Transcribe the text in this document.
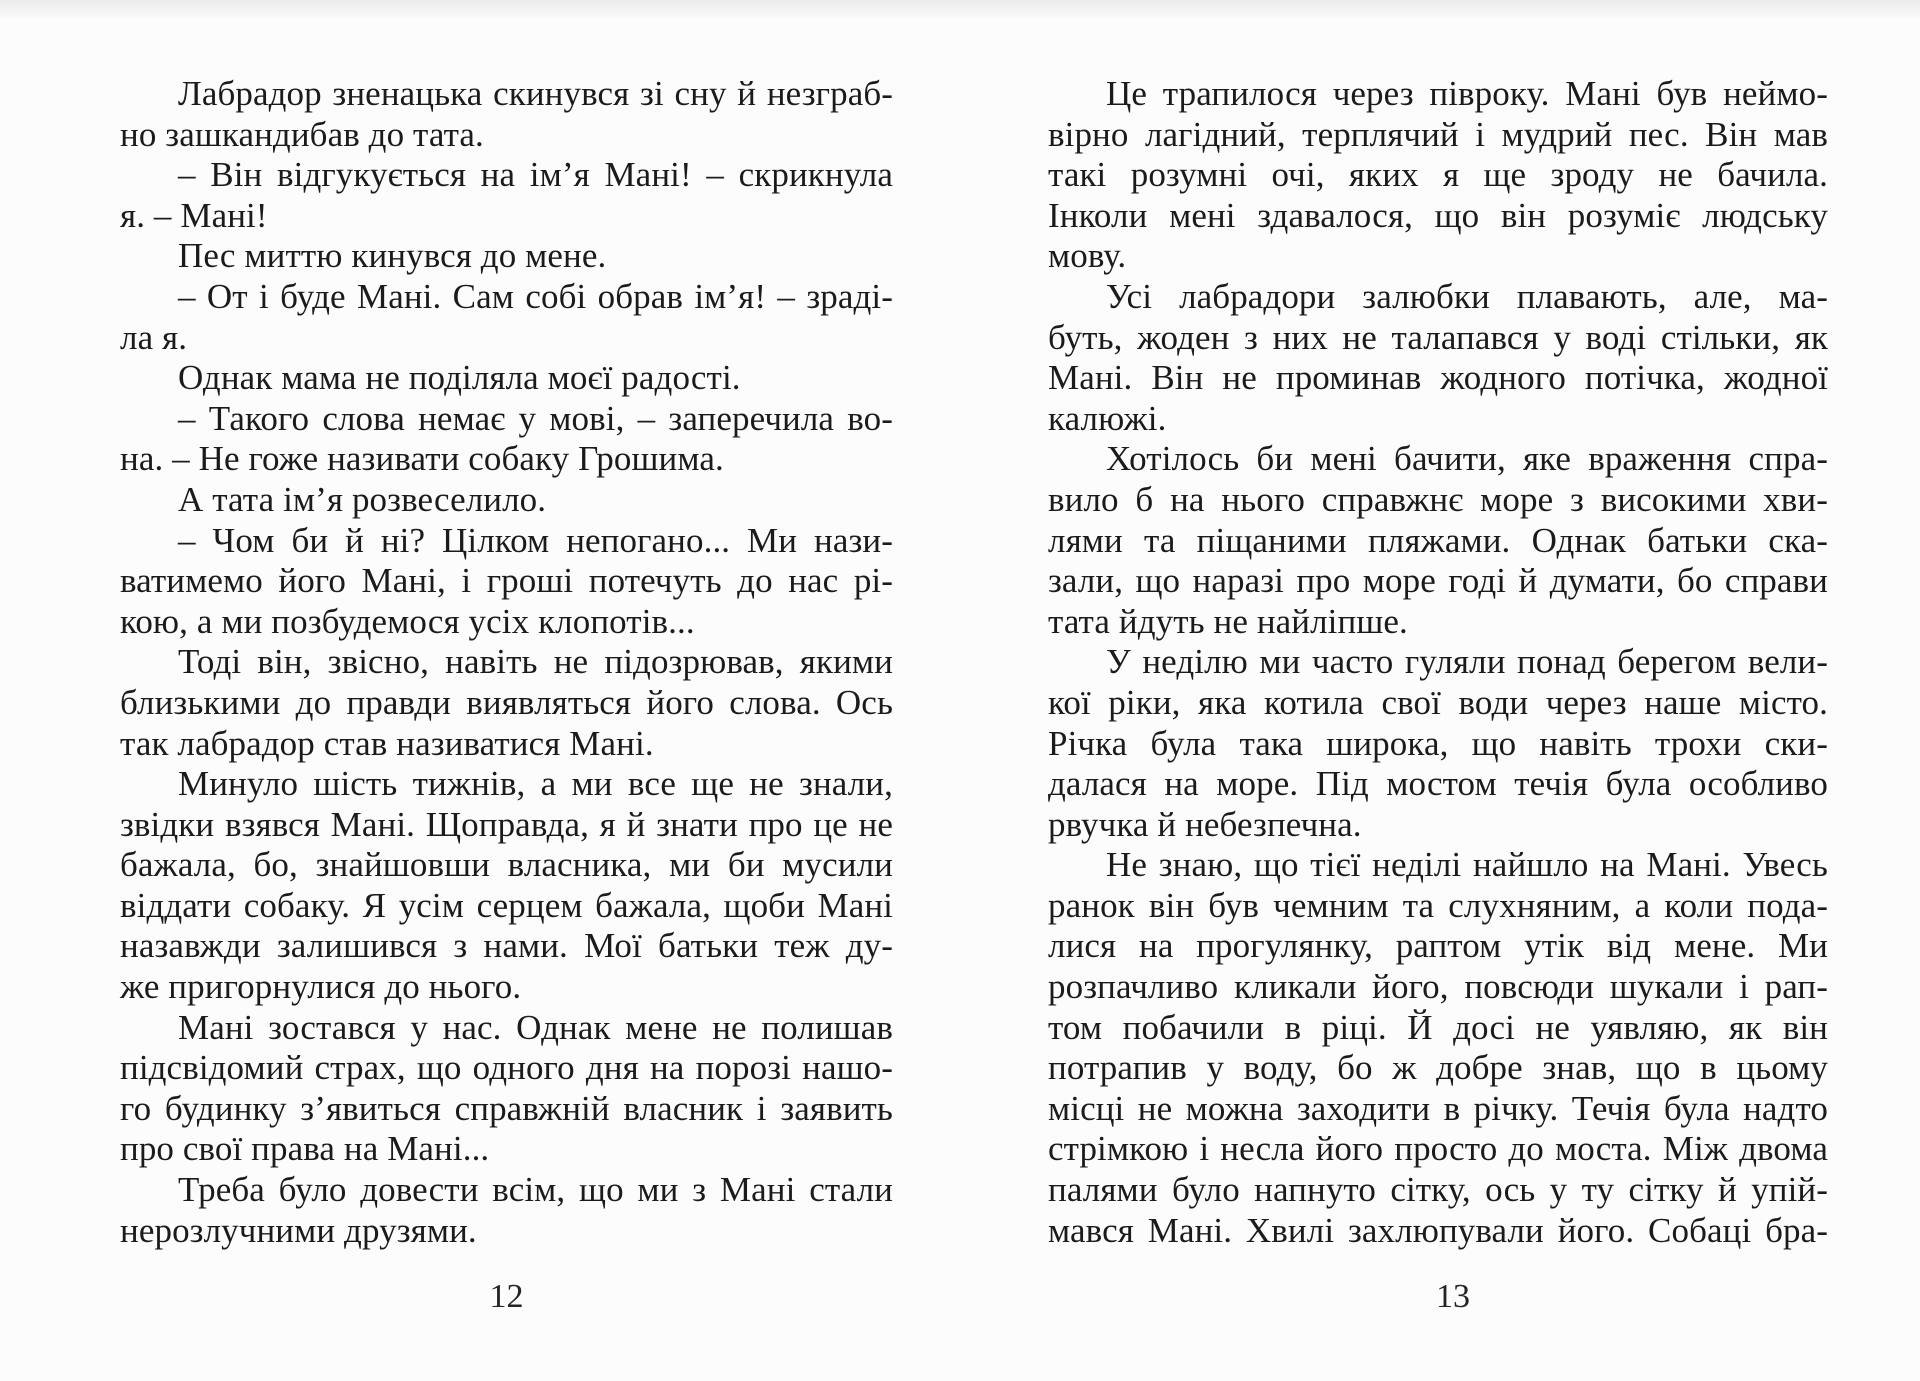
Лабрадор зненацька скинувся зі сну й незграб-
но зашкандибав до тата.
– Він відгукується на ім’я Мані! – скрикнула
я. – Мані!
Пес миттю кинувся до мене.
– От і буде Мані. Сам собі обрав ім’я! – зраді-
ла я.
Однак мама не поділяла моєї радості.
– Такого слова немає у мові, – заперечила во-
на. – Не гоже називати собаку Грошима.
А тата ім’я розвеселило.
– Чом би й ні? Цілком непогано... Ми нази-
ватимемо його Мані, і гроші потечуть до нас рі-
кою, а ми позбудемося усіх клопотів...
Тоді він, звісно, навіть не підозрював, якими
близькими до правди виявляться його слова. Ось
так лабрадор став називатися Мані.
Минуло шість тижнів, а ми все ще не знали,
звідки взявся Мані. Щоправда, я й знати про це не
бажала, бо, знайшовши власника, ми би мусили
віддати собаку. Я усім серцем бажала, щоби Мані
назавжди залишився з нами. Мої батьки теж ду-
же пригорнулися до нього.
Мані зостався у нас. Однак мене не полишав
підсвідомий страх, що одного дня на порозі нашо-
го будинку з’явиться справжній власник і заявить
про свої права на Мані...
Треба було довести всім, що ми з Мані стали
нерозлучними друзями.
12
Це трапилося через півроку. Мані був неймо-
вірно лагідний, терплячий і мудрий пес. Він мав
такі розумні очі, яких я ще зроду не бачила.
Інколи мені здавалося, що він розуміє людську
мову.
Усі лабрадори залюбки плавають, але, ма-
буть, жоден з них не талапався у воді стільки, як
Мані. Він не проминав жодного потічка, жодної
калюжі.
Хотілось би мені бачити, яке враження спра-
вило б на нього справжнє море з високими хви-
лями та піщаними пляжами. Однак батьки ска-
зали, що наразі про море годі й думати, бо справи
тата йдуть не найліпше.
У неділю ми часто гуляли понад берегом вели-
кої ріки, яка котила свої води через наше місто.
Річка була така широка, що навіть трохи ски-
далася на море. Під мостом течія була особливо
рвучка й небезпечна.
Не знаю, що тієї неділі найшло на Мані. Увесь
ранок він був чемним та слухняним, а коли пода-
лися на прогулянку, раптом утік від мене. Ми
розпачливо кликали його, повсюди шукали і рап-
том побачили в ріці. Й досі не уявляю, як він
потрапив у воду, бо ж добре знав, що в цьому
місці не можна заходити в річку. Течія була надто
стрімкою і несла його просто до моста. Між двома
палями було напнуто сітку, ось у ту сітку й упій-
мався Мані. Хвилі захлюпували його. Собаці бра-
13
